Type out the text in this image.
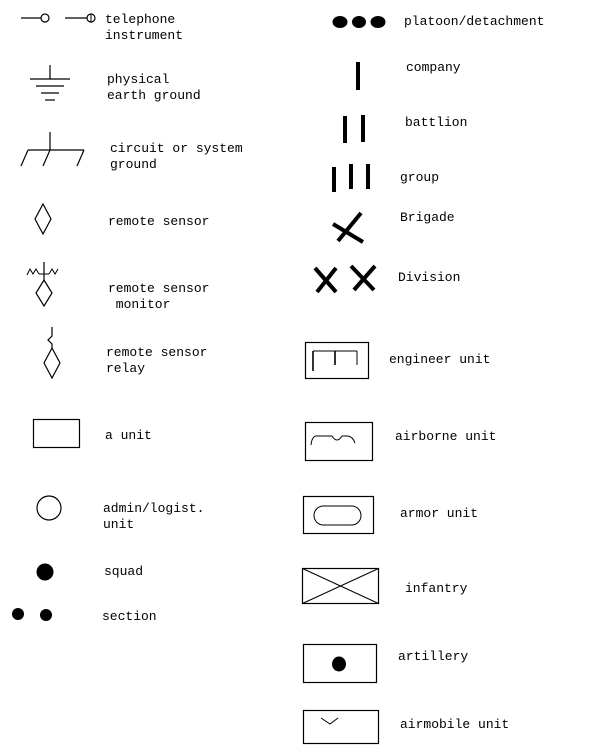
telephone
instrument
physical
earth ground
circuit or system
ground
remote sensor
remote sensor
monitor
remote sensor
relay
a unit
admin/logist.
unit
squad
section
platoon/detachment
company
battlion
group
Brigade
Division
engineer unit
airborne unit
armor unit
infantry
artillery
airmobile unit
